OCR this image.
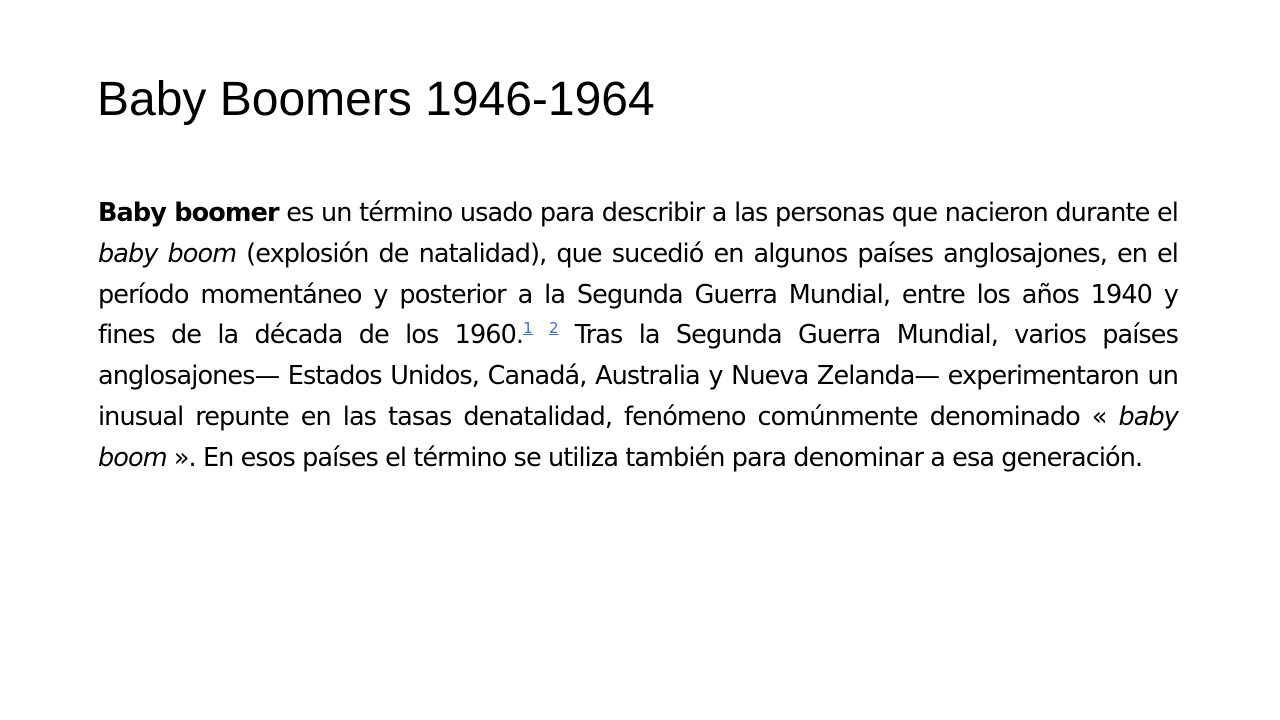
Baby Boomers 1946-1964

Baby boomer es un término usado para describir a las personas que nacieron durante el baby boom (explosión de natalidad), que sucedió en algunos países anglosajones, en el período momentáneo y posterior a la Segunda Guerra Mundial, entre los años 1940 y fines de la década de los 1960.$^1$ $^2$ Tras la Segunda Guerra Mundial, varios países anglosajones— Estados Unidos, Canadá, Australia y Nueva Zelanda— experimentaron un inusual repunte en las tasas denatalidad, fenómeno comúnmente denominado « baby boom ». En esos países el término se utiliza también para denominar a esa generación.
